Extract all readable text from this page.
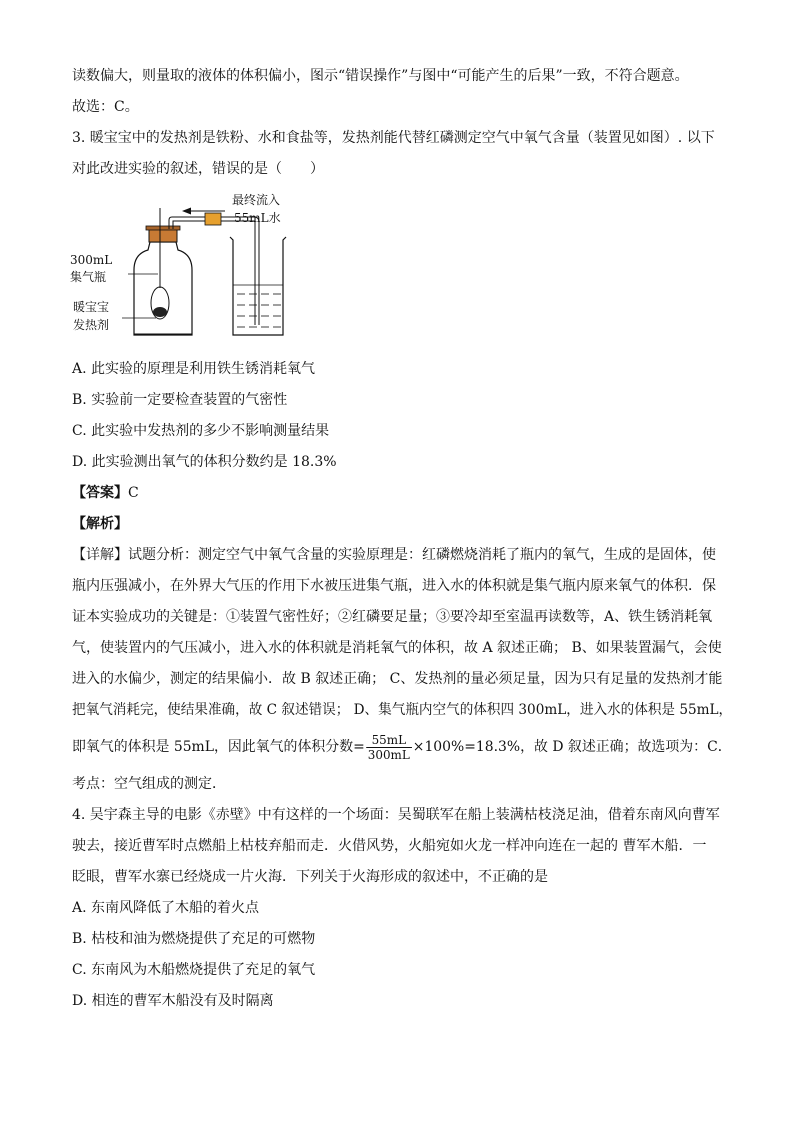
读数偏大，则量取的液体的体积偏小，图示“错误操作”与图中“可能产生的后果”一致，不符合题意。
故选：C。
3. 暖宝宝中的发热剂是铁粉、水和食盐等，发热剂能代替红磷测定空气中氧气含量（装置见如图）. 以下
对此改进实验的叙述，错误的是（　　）
最终流入
55mL水
300mL
集气瓶
暖宝宝
发热剂
A. 此实验的原理是利用铁生锈消耗氧气
B. 实验前一定要检查装置的气密性
C. 此实验中发热剂的多少不影响测量结果
D. 此实验测出氧气的体积分数约是 18.3%
【答案】C
【解析】
【详解】试题分析：测定空气中氧气含量的实验原理是：红磷燃烧消耗了瓶内的氧气，生成的是固体，使
瓶内压强减小，在外界大气压的作用下水被压进集气瓶，进入水的体积就是集气瓶内原来氧气的体积．保
证本实验成功的关键是：①装置气密性好；②红磷要足量；③要冷却至室温再读数等，A、铁生锈消耗氧
气，使装置内的气压减小，进入水的体积就是消耗氧气的体积，故 A 叙述正确； B、如果装置漏气，会使
进入的水偏少，测定的结果偏小．故 B 叙述正确； C、发热剂的量必须足量，因为只有足量的发热剂才能
把氧气消耗完，使结果准确，故 C 叙述错误； D、集气瓶内空气的体积四 300mL，进入水的体积是 55mL，
即氧气的体积是 55mL，因此氧气的体积分数= $\frac{55mL}{300mL} \times 100\%=18.3\%$，故 D 叙述正确；故选项为：C．
考点：空气组成的测定．
4. 吴宇森主导的电影《赤壁》中有这样的一个场面：吴蜀联军在船上装满枯枝浇足油，借着东南风向曹军
驶去，接近曹军时点燃船上枯枝弃船而走．火借风势，火船宛如火龙一样冲向连在一起的 曹军木船．一
眨眼，曹军水寨已经烧成一片火海．下列关于火海形成的叙述中，不正确的是
A. 东南风降低了木船的着火点
B. 枯枝和油为燃烧提供了充足的可燃物
C. 东南风为木船燃烧提供了充足的氧气
D. 相连的曹军木船没有及时隔离
